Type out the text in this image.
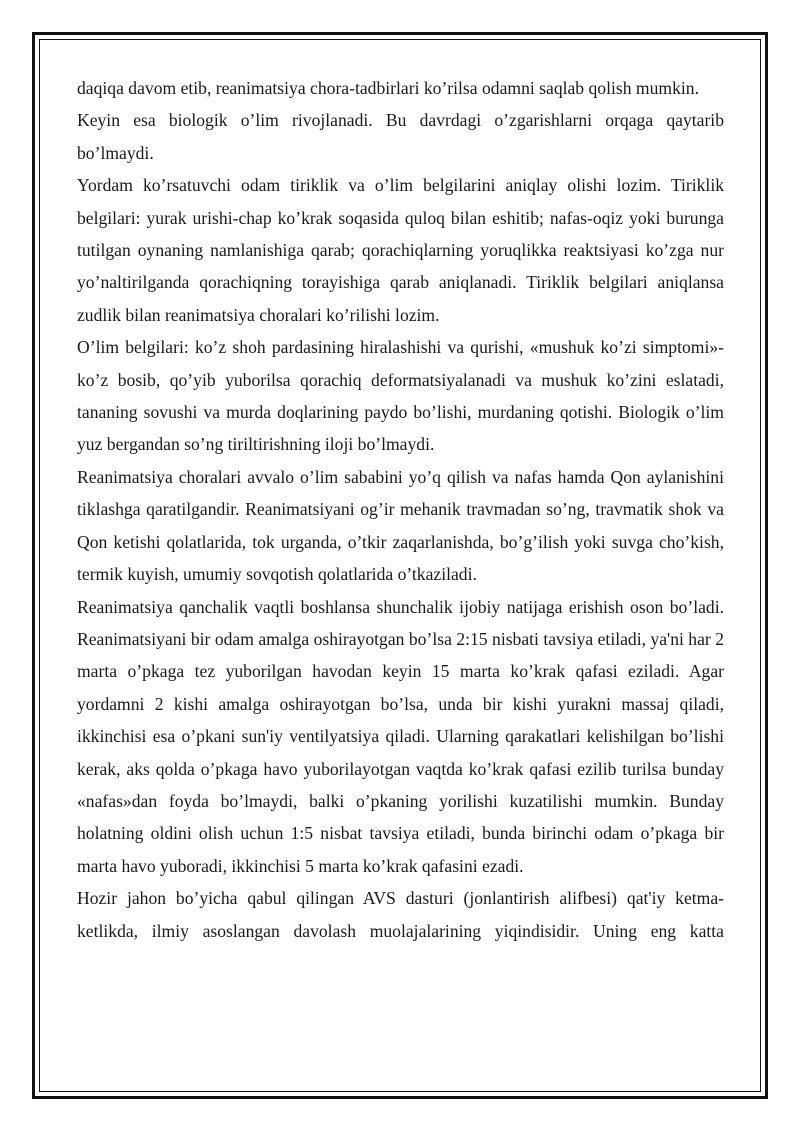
daqiqa davom etib, reanimatsiya chora-tadbirlari ko’rilsa odamni saqlab qolish mumkin.

Keyin esa biologik o’lim rivojlanadi. Bu davrdagi o’zgarishlarni orqaga qaytarib bo’lmaydi.

Yordam ko’rsatuvchi odam tiriklik va o’lim belgilarini aniqlay olishi lozim. Tiriklik belgilari: yurak urishi-chap ko’krak soqasida quloq bilan eshitib; nafas-oqiz yoki burunga tutilgan oynaning namlanishiga qarab; qorachiqlarning yoruqlikka reaktsiyasi ko’zga nur yo’naltirilganda qorachiqning torayishiga qarab aniqlanadi. Tiriklik belgilari aniqlansa zudlik bilan reanimatsiya choralari ko’rilishi lozim.

O’lim belgilari: ko’z shoh pardasining hiralashishi va qurishi, «mushuk ko’zi simptomi»-ko’z bosib, qo’yib yuborilsa qorachiq deformatsiyalanadi va mushuk ko’zini eslatadi, tananing sovushi va murda doqlarining paydo bo’lishi, murdaning qotishi. Biologik o’lim yuz bergandan so’ng tiriltirishning iloji bo’lmaydi.

Reanimatsiya choralari avvalo o’lim sababini yo’q qilish va nafas hamda Qon aylanishini tiklashga qaratilgandir. Reanimatsiyani og’ir mehanik travmadan so’ng, travmatik shok va Qon ketishi qolatlarida, tok urganda, o’tkir zaqarlanishda, bo’g’ilish yoki suvga cho’kish, termik kuyish, umumiy sovqotish qolatlarida o’tkaziladi.

Reanimatsiya qanchalik vaqtli boshlansa shunchalik ijobiy natijaga erishish oson bo’ladi. Reanimatsiyani bir odam amalga oshirayotgan bo’lsa 2:15 nisbati tavsiya etiladi, ya'ni har 2 marta o’pkaga tez yuborilgan havodan keyin 15 marta ko’krak qafasi eziladi. Agar yordamni 2 kishi amalga oshirayotgan bo’lsa, unda bir kishi yurakni massaj qiladi, ikkinchisi esa o’pkani sun'iy ventilyatsiya qiladi. Ularning qarakatlari kelishilgan bo’lishi kerak, aks qolda o’pkaga havo yuborilayotgan vaqtda ko’krak qafasi ezilib turilsa bunday «nafas»dan foyda bo’lmaydi, balki o’pkaning yorilishi kuzatilishi mumkin. Bunday holatning oldini olish uchun 1:5 nisbat tavsiya etiladi, bunda birinchi odam o’pkaga bir marta havo yuboradi, ikkinchisi 5 marta ko’krak qafasini ezadi.

Hozir jahon bo’yicha qabul qilingan AVS dasturi (jonlantirish alifbesi) qat'iy ketma-ketlikda, ilmiy asoslangan davolash muolajalarining yiqindisidir. Uning eng katta
